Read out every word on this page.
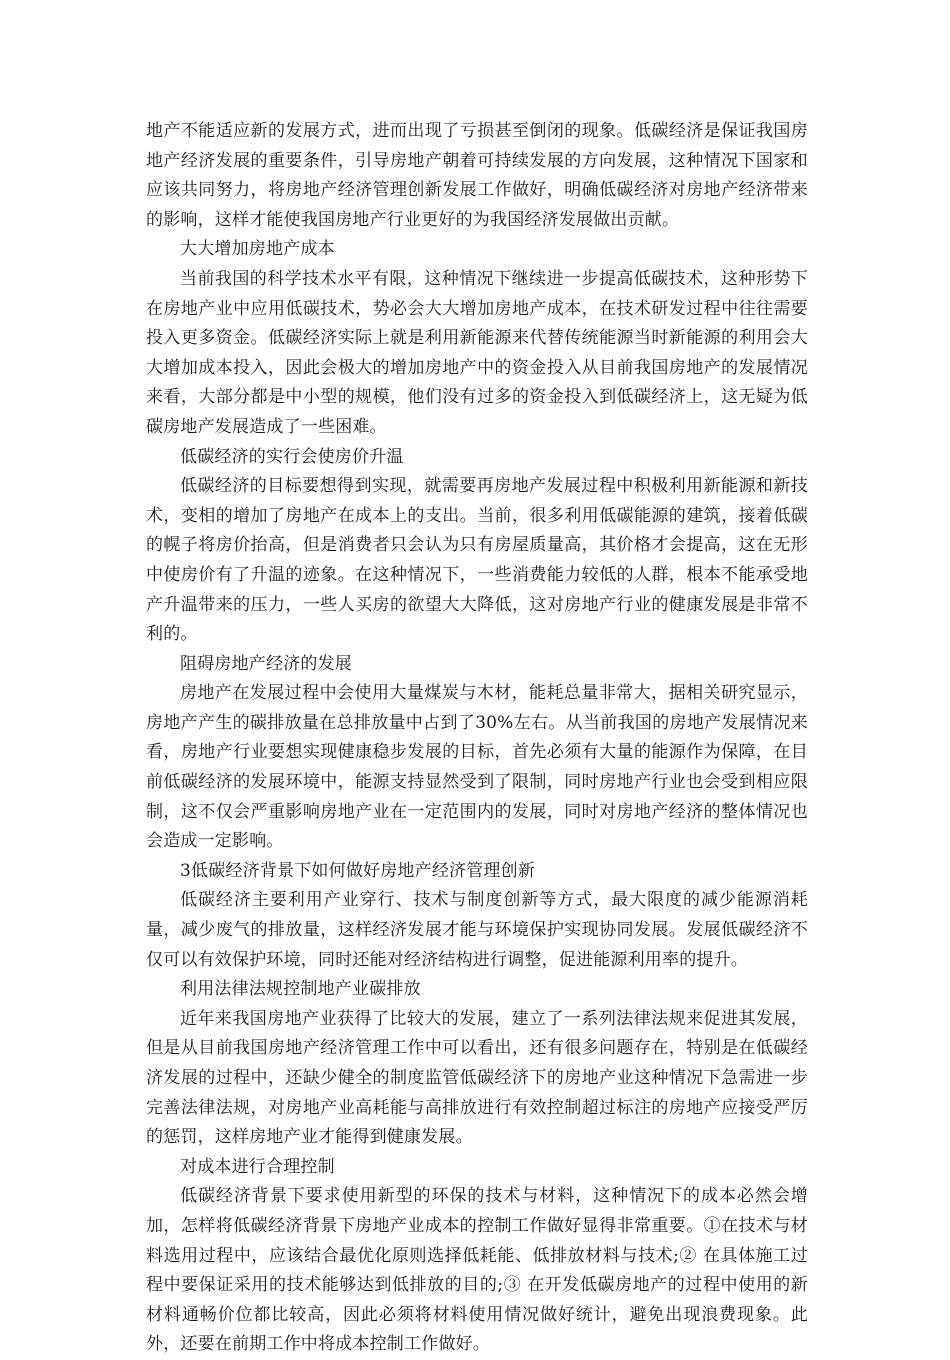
地产不能适应新的发展方式，进而出现了亏损甚至倒闭的现象。低碳经济是保证我国房地产经济发展的重要条件，引导房地产朝着可持续发展的方向发展，这种情况下国家和应该共同努力，将房地产经济管理创新发展工作做好，明确低碳经济对房地产经济带来的影响，这样才能使我国房地产行业更好的为我国经济发展做出贡献。

大大增加房地产成本

当前我国的科学技术水平有限，这种情况下继续进一步提高低碳技术，这种形势下在房地产业中应用低碳技术，势必会大大增加房地产成本，在技术研发过程中往往需要投入更多资金。低碳经济实际上就是利用新能源来代替传统能源当时新能源的利用会大大增加成本投入，因此会极大的增加房地产中的资金投入从目前我国房地产的发展情况来看，大部分都是中小型的规模，他们没有过多的资金投入到低碳经济上，这无疑为低碳房地产发展造成了一些困难。

低碳经济的实行会使房价升温

低碳经济的目标要想得到实现，就需要再房地产发展过程中积极利用新能源和新技术，变相的增加了房地产在成本上的支出。当前，很多利用低碳能源的建筑，接着低碳的幌子将房价抬高，但是消费者只会认为只有房屋质量高，其价格才会提高，这在无形中使房价有了升温的迹象。在这种情况下，一些消费能力较低的人群，根本不能承受地产升温带来的压力，一些人买房的欲望大大降低，这对房地产行业的健康发展是非常不利的。

阻碍房地产经济的发展

房地产在发展过程中会使用大量煤炭与木材，能耗总量非常大，据相关研究显示，房地产产生的碳排放量在总排放量中占到了30%左右。从当前我国的房地产发展情况来看，房地产行业要想实现健康稳步发展的目标，首先必须有大量的能源作为保障，在目前低碳经济的发展环境中，能源支持显然受到了限制，同时房地产行业也会受到相应限制，这不仅会严重影响房地产业在一定范围内的发展，同时对房地产经济的整体情况也会造成一定影响。

3低碳经济背景下如何做好房地产经济管理创新

低碳经济主要利用产业穿行、技术与制度创新等方式，最大限度的减少能源消耗量，减少废气的排放量，这样经济发展才能与环境保护实现协同发展。发展低碳经济不仅可以有效保护环境，同时还能对经济结构进行调整，促进能源利用率的提升。

利用法律法规控制地产业碳排放

近年来我国房地产业获得了比较大的发展，建立了一系列法律法规来促进其发展，但是从目前我国房地产经济管理工作中可以看出，还有很多问题存在，特别是在低碳经济发展的过程中，还缺少健全的制度监管低碳经济下的房地产业这种情况下急需进一步完善法律法规，对房地产业高耗能与高排放进行有效控制超过标注的房地产应接受严厉的惩罚，这样房地产业才能得到健康发展。

对成本进行合理控制

低碳经济背景下要求使用新型的环保的技术与材料，这种情况下的成本必然会增加，怎样将低碳经济背景下房地产业成本的控制工作做好显得非常重要。①在技术与材料选用过程中，应该结合最优化原则选择低耗能、低排放材料与技术;② 在具体施工过程中要保证采用的技术能够达到低排放的目的;③ 在开发低碳房地产的过程中使用的新材料通畅价位都比较高，因此必须将材料使用情况做好统计，避免出现浪费现象。此外，还要在前期工作中将成本控制工作做好。
